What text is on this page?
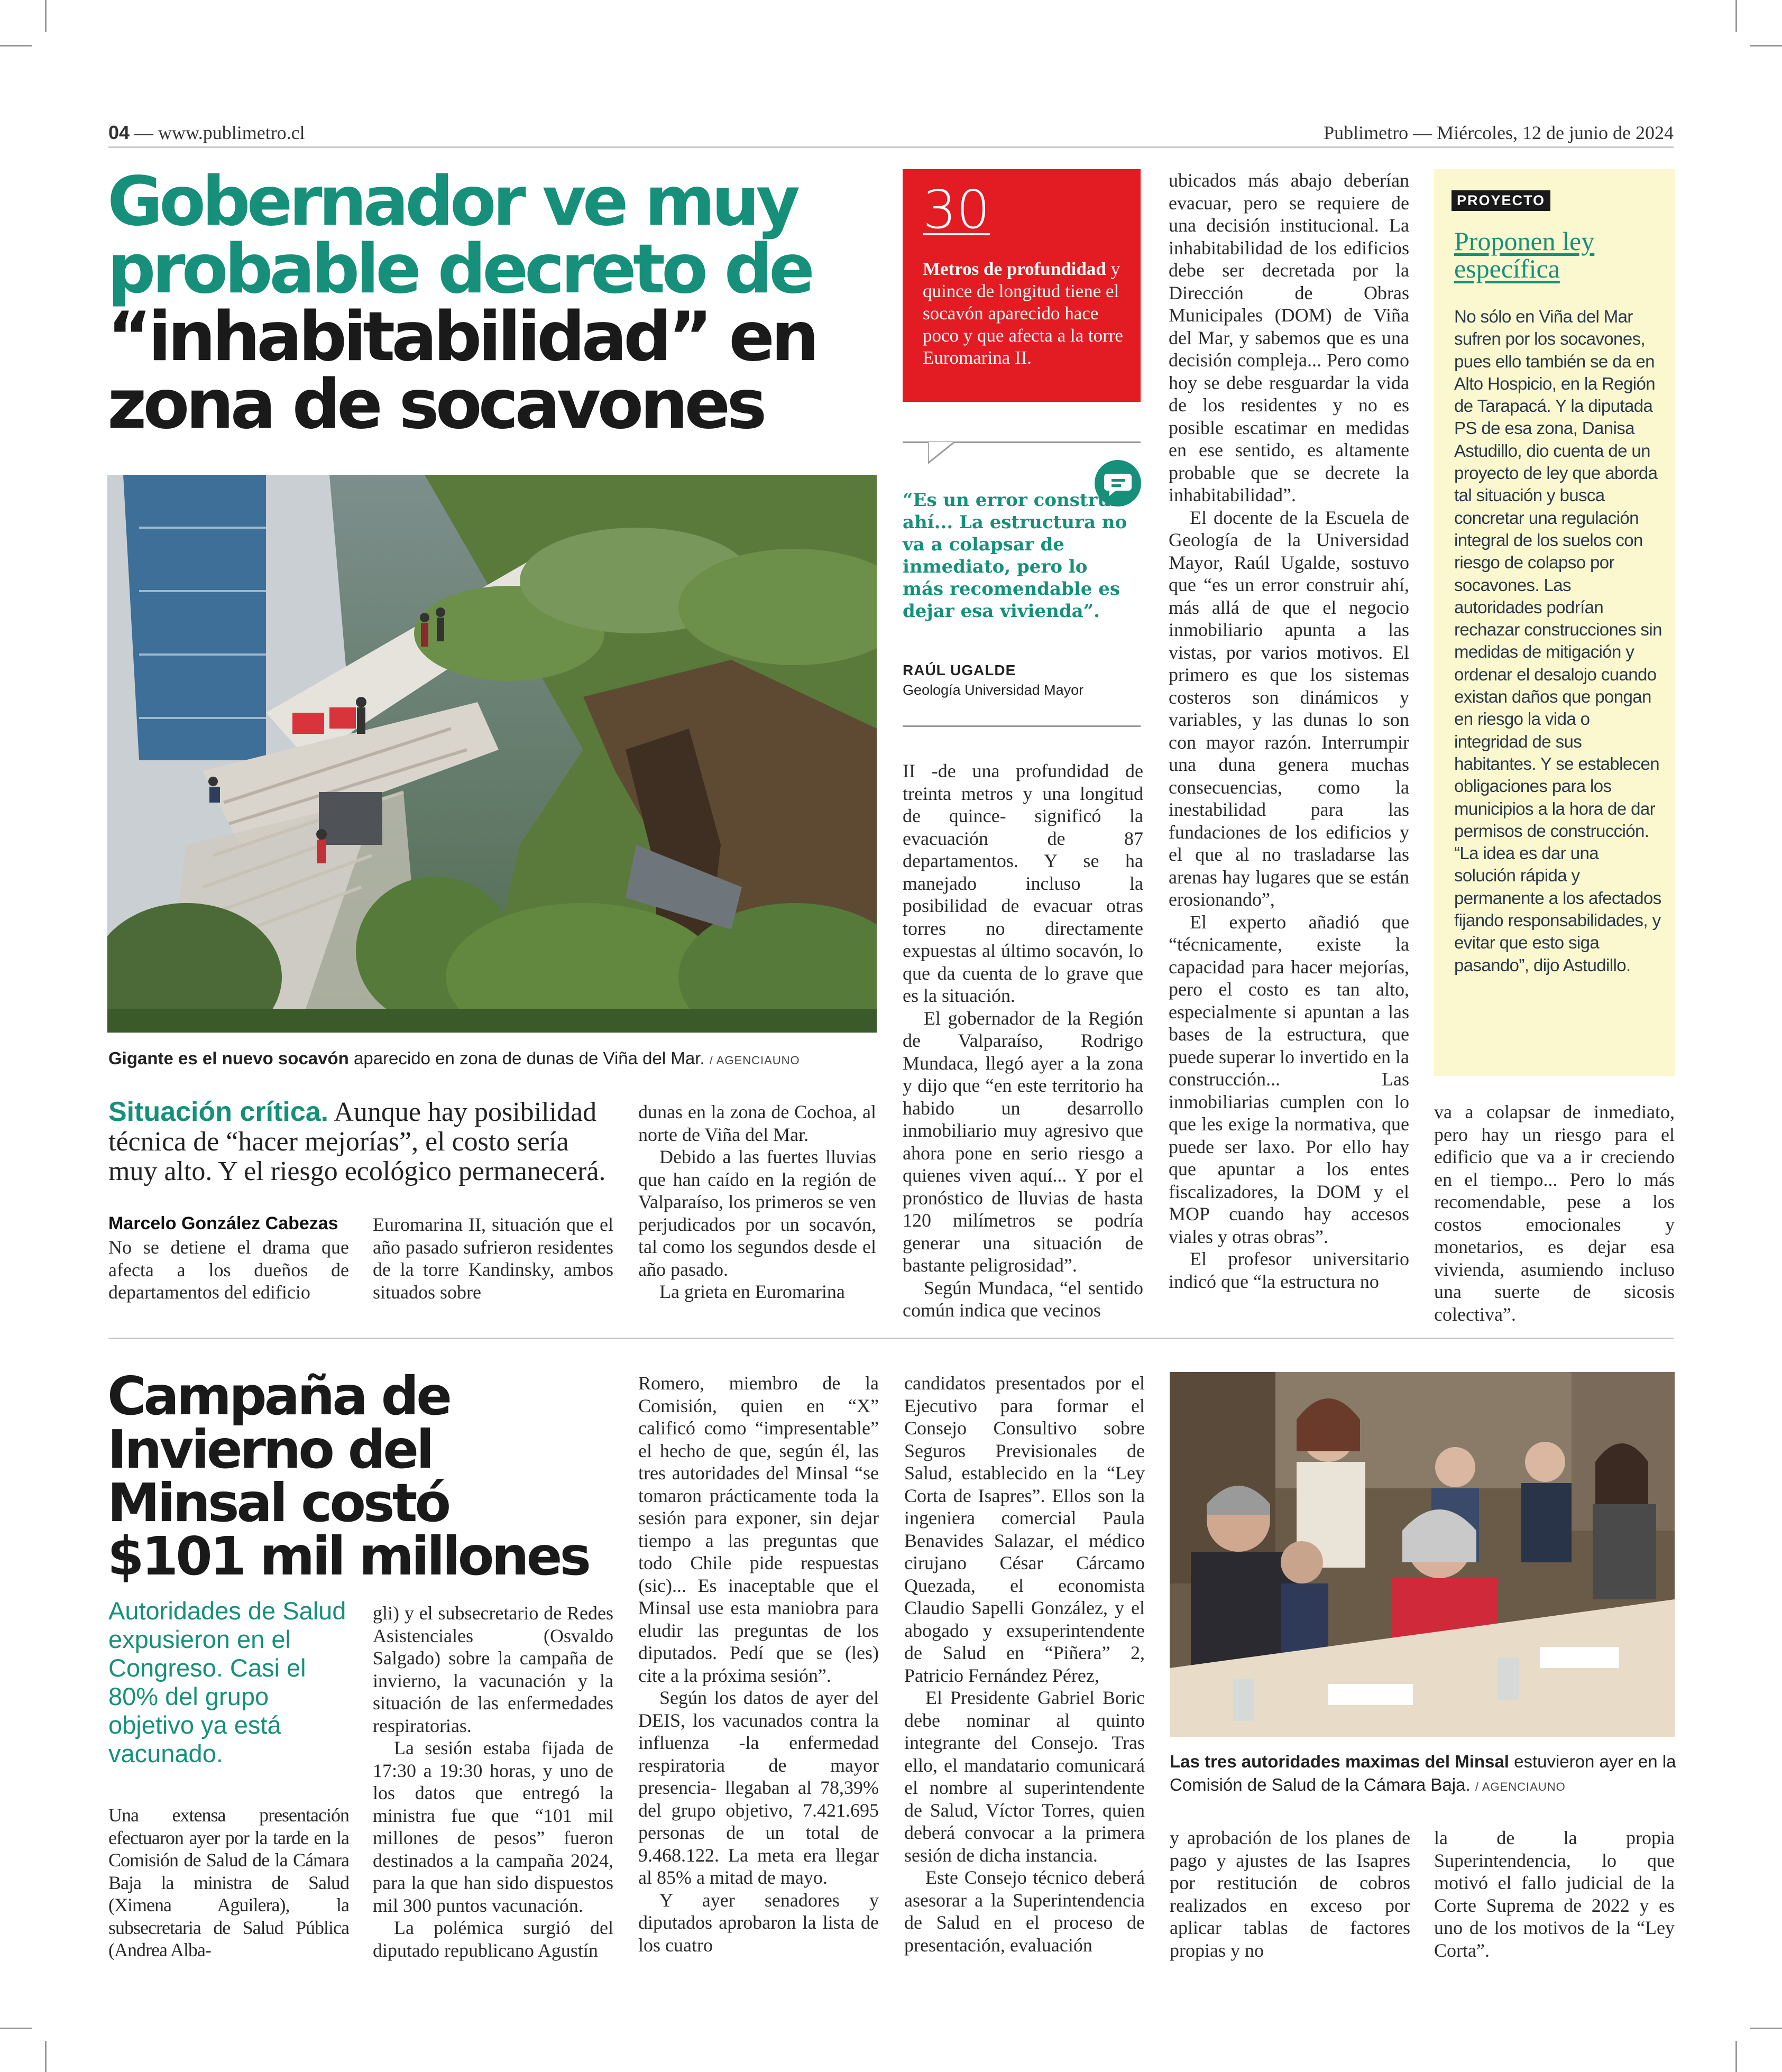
04 — www.publimetro.cl	Publimetro — Miércoles, 12 de junio de 2024
Gobernador ve muy
probable decreto de
“inhabitabilidad” en
zona de socavones
Gigante es el nuevo socavón aparecido en zona de dunas de Viña del Mar. / AGENCIAUNO
Situación crítica. Aunque hay posibilidad técnica de “hacer mejorías”, el costo sería muy alto. Y el riesgo ecológico permanecerá.
Marcelo González Cabezas

No se detiene el drama que afecta a los dueños de departamentos del edificio

Euromarina II, situación que el año pasado sufrieron residentes de la torre Kandinsky, ambos situados sobre

dunas en la zona de Cochoa, al norte de Viña del Mar.

Debido a las fuertes lluvias que han caído en la región de Valparaíso, los primeros se ven perjudicados por un socavón, tal como los segundos desde el año pasado.

La grieta en Euromarina

30
Metros de profundidad y quince de longitud tiene el socavón aparecido hace poco y que afecta a la torre Euromarina II.
“Es un error construir ahí... La estructura no va a colapsar de inmediato, pero lo más recomendable es dejar esa vivienda”.
RAÚL UGALDE
Geología Universidad Mayor

II -de una profundidad de treinta metros y una longitud de quince- significó la evacuación de 87 departamentos. Y se ha manejado incluso la posibilidad de evacuar otras torres no directamente expuestas al último socavón, lo que da cuenta de lo grave que es la situación.

El gobernador de la Región de Valparaíso, Rodrigo Mundaca, llegó ayer a la zona y dijo que “en este territorio ha habido un desarrollo inmobiliario muy agresivo que ahora pone en serio riesgo a quienes viven aquí... Y por el pronóstico de lluvias de hasta 120 milímetros se podría generar una situación de bastante peligrosidad”.

Según Mundaca, “el sentido común indica que vecinos

ubicados más abajo deberían evacuar, pero se requiere de una decisión institucional. La inhabitabilidad de los edificios debe ser decretada por la Dirección de Obras Municipales (DOM) de Viña del Mar, y sabemos que es una decisión compleja... Pero como hoy se debe resguardar la vida de los residentes y no es posible escatimar en medidas en ese sentido, es altamente probable que se decrete la inhabitabilidad”.

El docente de la Escuela de Geología de la Universidad Mayor, Raúl Ugalde, sostuvo que “es un error construir ahí, más allá de que el negocio inmobiliario apunta a las vistas, por varios motivos. El primero es que los sistemas costeros son dinámicos y variables, y las dunas lo son con mayor razón. Interrumpir una duna genera muchas consecuencias, como la inestabilidad para las fundaciones de los edificios y el que al no trasladarse las arenas hay lugares que se están erosionando”,

El experto añadió que “técnicamente, existe la capacidad para hacer mejorías, pero el costo es tan alto, especialmente si apuntan a las bases de la estructura, que puede superar lo invertido en la construcción... Las inmobiliarias cumplen con lo que les exige la normativa, que puede ser laxo. Por ello hay que apuntar a los entes fiscalizadores, la DOM y el MOP cuando hay accesos viales y otras obras”.

El profesor universitario indicó que “la estructura no

PROYECTO
Proponen ley específica
No sólo en Viña del Mar sufren por los socavones, pues ello también se da en Alto Hospicio, en la Región de Tarapacá. Y la diputada PS de esa zona, Danisa Astudillo, dio cuenta de un proyecto de ley que aborda tal situación y busca concretar una regulación integral de los suelos con riesgo de colapso por socavones. Las autoridades podrían rechazar construcciones sin medidas de mitigación y ordenar el desalojo cuando existan daños que pongan en riesgo la vida o integridad de sus habitantes. Y se establecen obligaciones para los municipios a la hora de dar permisos de construcción. “La idea es dar una solución rápida y permanente a los afectados fijando responsabilidades, y evitar que esto siga pasando”, dijo Astudillo.

va a colapsar de inmediato, pero hay un riesgo para el edificio que va a ir creciendo en el tiempo... Pero lo más recomendable, pese a los costos emocionales y monetarios, es dejar esa vivienda, asumiendo incluso una suerte de sicosis colectiva”.

Campaña de
Invierno del
Minsal costó
$101 mil millones
Autoridades de Salud expusieron en el Congreso. Casi el 80% del grupo objetivo ya está vacunado.

Una extensa presentación efectuaron ayer por la tarde en la Comisión de Salud de la Cámara Baja la ministra de Salud (Ximena Aguilera), la subsecretaria de Salud Pública (Andrea Alba-

gli) y el subsecretario de Redes Asistenciales (Osvaldo Salgado) sobre la campaña de invierno, la vacunación y la situación de las enfermedades respiratorias.

La sesión estaba fijada de 17:30 a 19:30 horas, y uno de los datos que entregó la ministra fue que “101 mil millones de pesos” fueron destinados a la campaña 2024, para la que han sido dispuestos mil 300 puntos vacunación.

La polémica surgió del diputado republicano Agustín

Romero, miembro de la Comisión, quien en “X” calificó como “impresentable” el hecho de que, según él, las tres autoridades del Minsal “se tomaron prácticamente toda la sesión para exponer, sin dejar tiempo a las preguntas que todo Chile pide respuestas (sic)... Es inaceptable que el Minsal use esta maniobra para eludir las preguntas de los diputados. Pedí que se (les) cite a la próxima sesión”.

Según los datos de ayer del DEIS, los vacunados contra la influenza -la enfermedad respiratoria de mayor presencia- llegaban al 78,39% del grupo objetivo, 7.421.695 personas de un total de 9.468.122. La meta era llegar al 85% a mitad de mayo.

Y ayer senadores y diputados aprobaron la lista de los cuatro

candidatos presentados por el Ejecutivo para formar el Consejo Consultivo sobre Seguros Previsionales de Salud, establecido en la “Ley Corta de Isapres”. Ellos son la ingeniera comercial Paula Benavides Salazar, el médico cirujano César Cárcamo Quezada, el economista Claudio Sapelli González, y el abogado y exsuperintendente de Salud en “Piñera” 2, Patricio Fernández Pérez,

El Presidente Gabriel Boric debe nominar al quinto integrante del Consejo. Tras ello, el mandatario comunicará el nombre al superintendente de Salud, Víctor Torres, quien deberá convocar a la primera sesión de dicha instancia.

Este Consejo técnico deberá asesorar a la Superintendencia de Salud en el proceso de presentación, evaluación

Las tres autoridades maximas del Minsal estuvieron ayer en la Comisión de Salud de la Cámara Baja. / AGENCIAUNO

y aprobación de los planes de pago y ajustes de las Isapres por restitución de cobros realizados en exceso por aplicar tablas de factores propias y no

la de la propia Superintendencia, lo que motivó el fallo judicial de la Corte Suprema de 2022 y es uno de los motivos de la “Ley Corta”.
